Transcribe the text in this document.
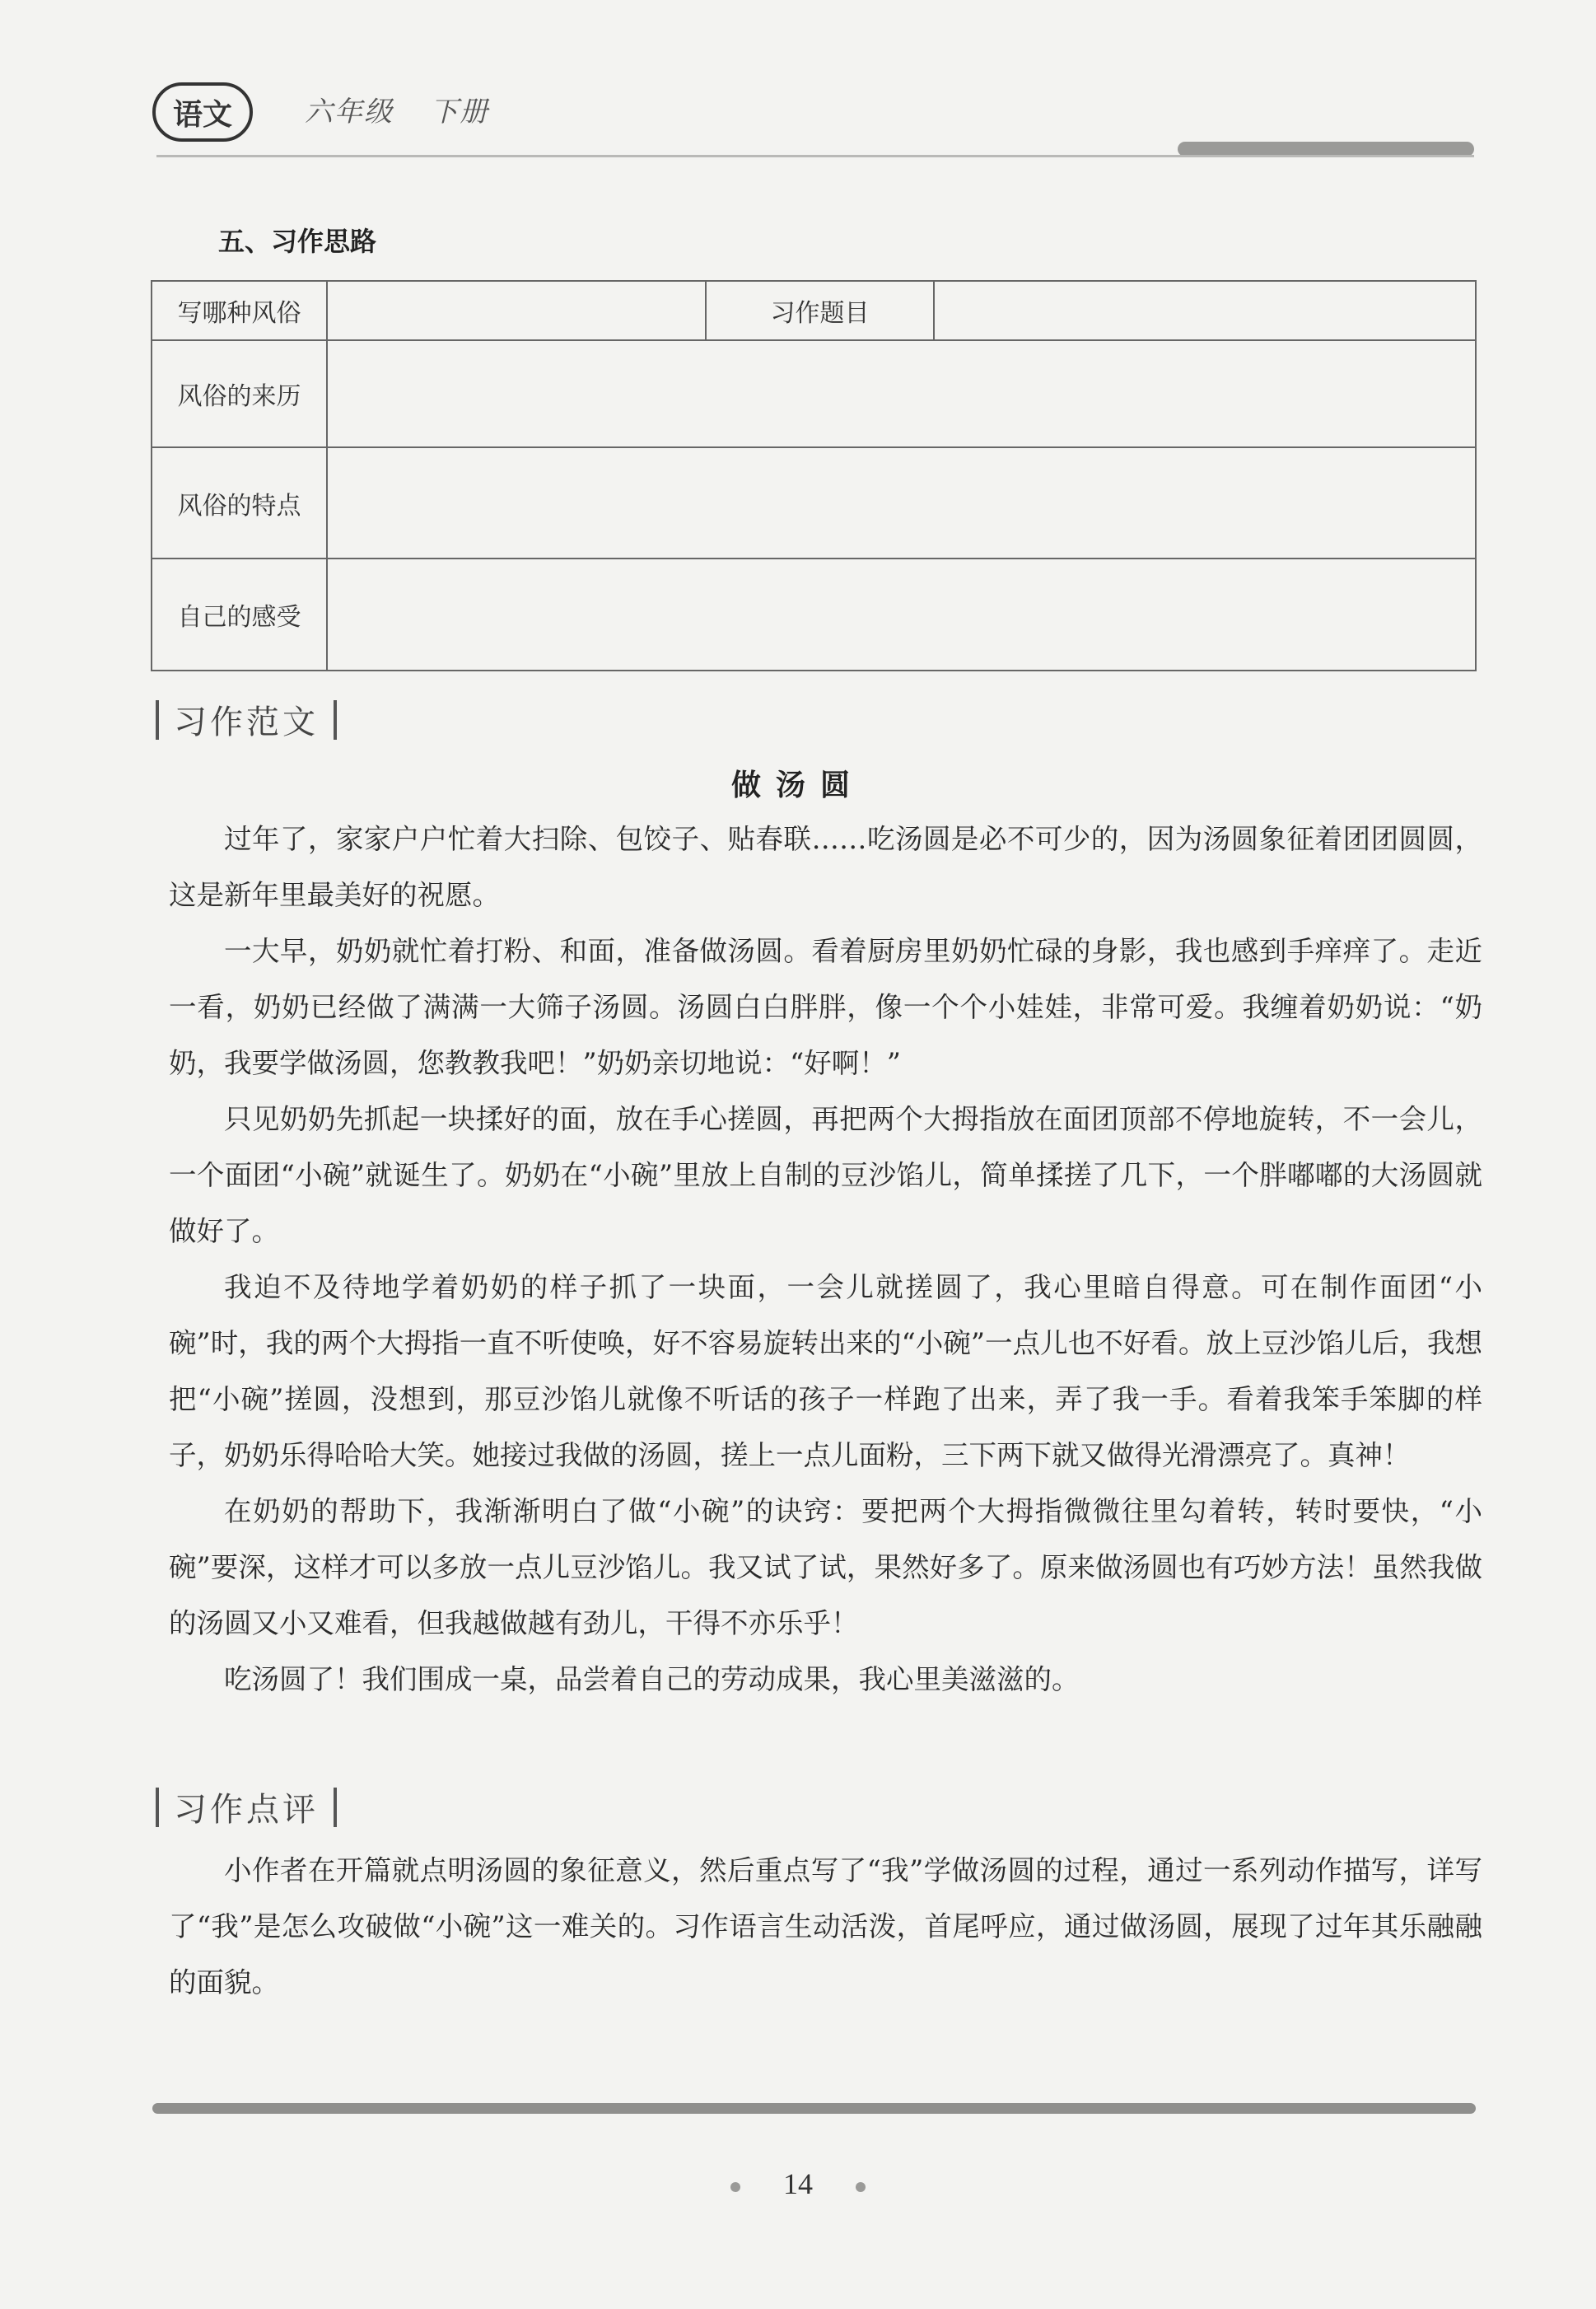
语文	六年级 下册
五、习作思路
写哪种风俗		习作题目	
风俗的来历			
风俗的特点			
自己的感受			
习作范文
做汤圆

过年了，家家户户忙着大扫除、包饺子、贴春联……吃汤圆是必不可少的，因为汤圆象征着团团圆圆，这是新年里最美好的祝愿。

一大早，奶奶就忙着打粉、和面，准备做汤圆。看着厨房里奶奶忙碌的身影，我也感到手痒痒了。走近一看，奶奶已经做了满满一大筛子汤圆。汤圆白白胖胖，像一个个小娃娃，非常可爱。我缠着奶奶说：“奶奶，我要学做汤圆，您教教我吧！”奶奶亲切地说：“好啊！”

只见奶奶先抓起一块揉好的面，放在手心搓圆，再把两个大拇指放在面团顶部不停地旋转，不一会儿，一个面团“小碗”就诞生了。奶奶在“小碗”里放上自制的豆沙馅儿，简单揉搓了几下，一个胖嘟嘟的大汤圆就做好了。

我迫不及待地学着奶奶的样子抓了一块面，一会儿就搓圆了，我心里暗自得意。可在制作面团“小碗”时，我的两个大拇指一直不听使唤，好不容易旋转出来的“小碗”一点儿也不好看。放上豆沙馅儿后，我想把“小碗”搓圆，没想到，那豆沙馅儿就像不听话的孩子一样跑了出来，弄了我一手。看着我笨手笨脚的样子，奶奶乐得哈哈大笑。她接过我做的汤圆，搓上一点儿面粉，三下两下就又做得光滑漂亮了。真神！

在奶奶的帮助下，我渐渐明白了做“小碗”的诀窍：要把两个大拇指微微往里勾着转，转时要快，“小碗”要深，这样才可以多放一点儿豆沙馅儿。我又试了试，果然好多了。原来做汤圆也有巧妙方法！虽然我做的汤圆又小又难看，但我越做越有劲儿，干得不亦乐乎！

吃汤圆了！我们围成一桌，品尝着自己的劳动成果，我心里美滋滋的。

习作点评

小作者在开篇就点明汤圆的象征意义，然后重点写了“我”学做汤圆的过程，通过一系列动作描写，详写了“我”是怎么攻破做“小碗”这一难关的。习作语言生动活泼，首尾呼应，通过做汤圆，展现了过年其乐融融的面貌。

14
